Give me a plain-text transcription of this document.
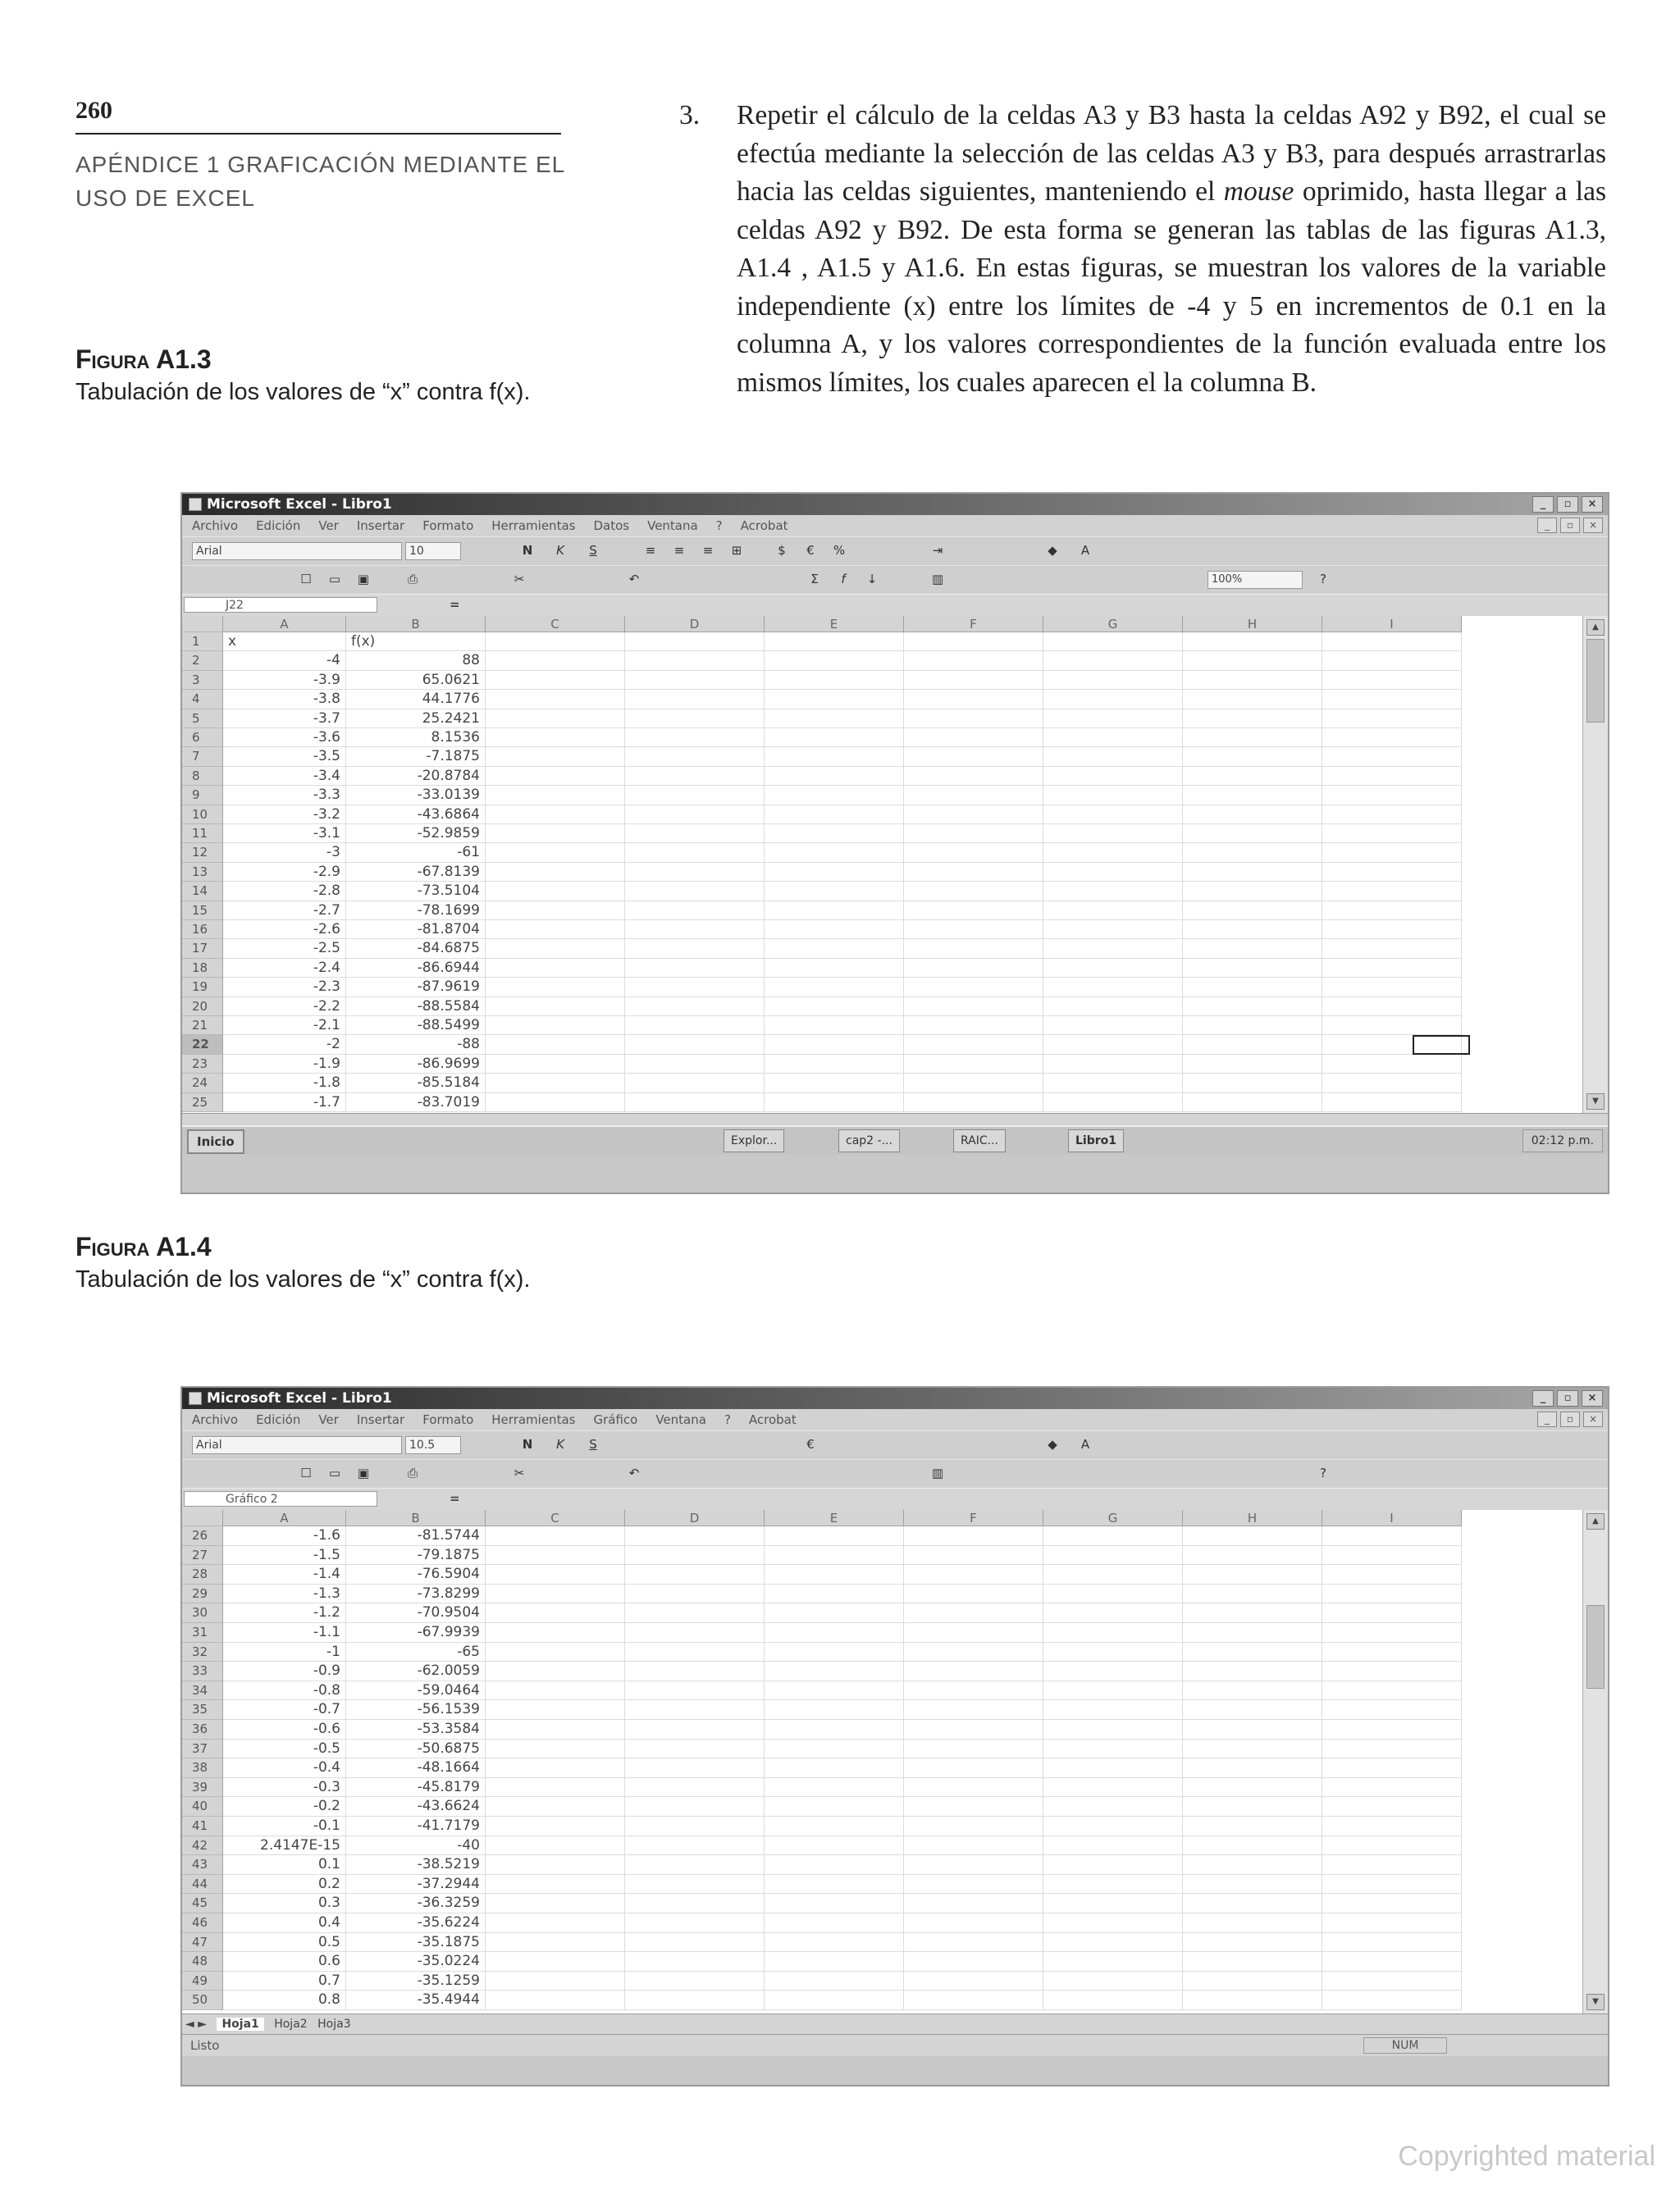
260
APÉNDICE 1 GRAFICACIÓN MEDIANTE EL USO DE EXCEL
Figura A1.3
Tabulación de los valores de “x” contra f(x).
3. Repetir el cálculo de la celdas A3 y B3 hasta la celdas A92 y B92, el cual se efectúa mediante la selección de las celdas A3 y B3, para después arrastrarlas hacia las celdas siguientes, manteniendo el mouse oprimido, hasta llegar a las celdas A92 y B92. De esta forma se generan las tablas de las figuras A1.3, A1.4 , A1.5 y A1.6. En estas figuras, se muestran los valores de la variable independiente (x) entre los límites de -4 y 5 en incrementos de 0.1 en la columna A, y los valores correspondientes de la función evaluada entre los mismos límites, los cuales aparecen el la columna B.
Microsoft Excel - Libro1	_	▫	×
Archivo Edición Ver Insertar Formato Herramientas Datos Ventana ? Acrobat	_	▫	×
Arial	10	N	K	S	≡	≡	≡	⊞	$	€	%	⇥	◆	A
☐ ▭ ▣	⎙	✂	↶	Σ	f	↓	▥	100%	?
J22	=
A	B	C	D	E	F	G	H	I
1	x	f(x)
2	-4	88
3	-3.9	65.0621
4	-3.8	44.1776
5	-3.7	25.2421
6	-3.6	8.1536
7	-3.5	-7.1875
8	-3.4	-20.8784
9	-3.3	-33.0139
10	-3.2	-43.6864
11	-3.1	-52.9859
12	-3	-61
13	-2.9	-67.8139
14	-2.8	-73.5104
15	-2.7	-78.1699
16	-2.6	-81.8704
17	-2.5	-84.6875
18	-2.4	-86.6944
19	-2.3	-87.9619
20	-2.2	-88.5584
21	-2.1	-88.5499
22	-2	-88
23	-1.9	-86.9699
24	-1.8	-85.5184
25	-1.7	-83.7019
▲
▼
Inicio	Explor...	cap2 -...	RAIC...	Libro1	02:12 p.m.
Figura A1.4
Tabulación de los valores de “x” contra f(x).
Microsoft Excel - Libro1	_	▫	×
Archivo Edición Ver Insertar Formato Herramientas Gráfico Ventana ? Acrobat	_	▫	×
Arial	10.5	N	K	S	€	◆	A
☐ ▭ ▣	⎙	✂	↶	▥	?
Gráfico 2	=
A	B	C	D	E	F	G	H	I
26	-1.6	-81.5744
27	-1.5	-79.1875
28	-1.4	-76.5904
29	-1.3	-73.8299
30	-1.2	-70.9504
31	-1.1	-67.9939
32	-1	-65
33	-0.9	-62.0059
34	-0.8	-59.0464
35	-0.7	-56.1539
36	-0.6	-53.3584
37	-0.5	-50.6875
38	-0.4	-48.1664
39	-0.3	-45.8179
40	-0.2	-43.6624
41	-0.1	-41.7179
42	2.4147E-15	-40
43	0.1	-38.5219
44	0.2	-37.2944
45	0.3	-36.3259
46	0.4	-35.6224
47	0.5	-35.1875
48	0.6	-35.0224
49	0.7	-35.1259
50	0.8	-35.4944
▲
▼
◄ ► Hoja1 Hoja2 Hoja3
Listo	NUM
Copyrighted material
